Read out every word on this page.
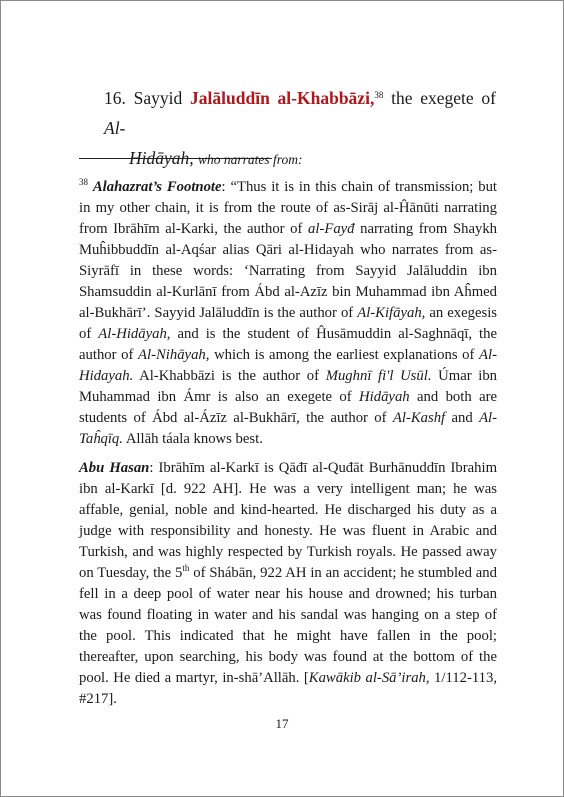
16. Sayyid Jalāluddīn al-Khabbāzi,$^{38}$ the exegete of Al-
Hidāyah, who narrates from:

$^{38}$ Alahazrat’s Footnote: “Thus it is in this chain of transmission; but in my other chain, it is from the route of as-Sirāj al-Ĥānūti narrating from Ibrāhīm al-Karki, the author of al-Fayđ narrating from Shaykh Muĥibbuddīn al-Aqśar alias Qāri al-Hidayah who narrates from as-Siyrāfī in these words: ‘Narrating from Sayyid Jalāluddin ibn Shamsuddin al-Kurlānī from Ábd al-Azīz bin Muhammad ibn Aĥmed al-Bukhārī’. Sayyid Jalāluddīn is the author of Al-Kifāyah, an exegesis of Al-Hidāyah, and is the student of Ĥusāmuddin al-Saghnāqī, the author of Al-Nihāyah, which is among the earliest explanations of Al-Hidayah. Al-Khabbāzi is the author of Mughnī fi'l Usūl. Úmar ibn Muhammad ibn Ámr is also an exegete of Hidāyah and both are students of Ábd al-Ázīz al-Bukhārī, the author of Al-Kashf and Al-Taĥqīq. Allāh táala knows best.

Abu Hasan: Ibrāhīm al-Karkī is Qāđī al-Quđāt Burhānuddīn Ibrahim ibn al-Karkī [d. 922 AH]. He was a very intelligent man; he was affable, genial, noble and kind-hearted. He discharged his duty as a judge with responsibility and honesty. He was fluent in Arabic and Turkish, and was highly respected by Turkish royals. He passed away on Tuesday, the 5th of Shábān, 922 AH in an accident; he stumbled and fell in a deep pool of water near his house and drowned; his turban was found floating in water and his sandal was hanging on a step of the pool. This indicated that he might have fallen in the pool; thereafter, upon searching, his body was found at the bottom of the pool. He died a martyr, in-shā’Allāh. [Kawākib al-Sā’irah, 1/112-113, #217].

17
